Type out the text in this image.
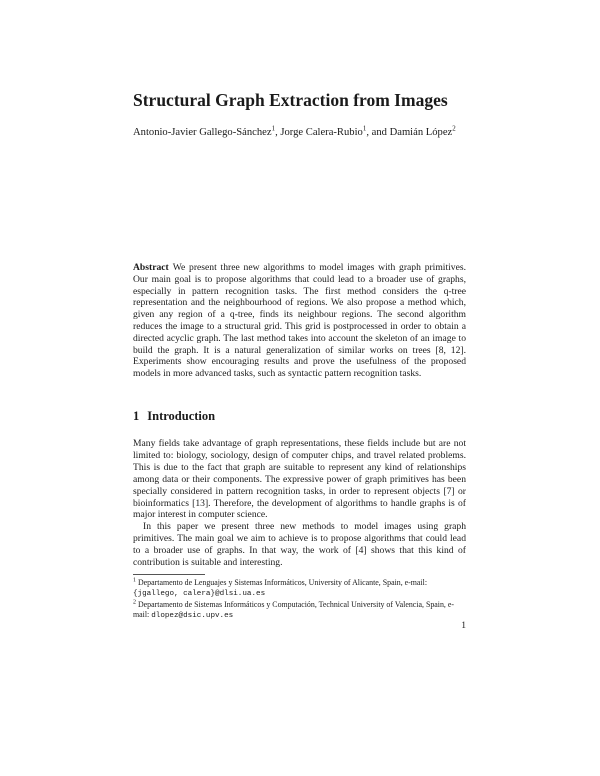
Structural Graph Extraction from Images
Antonio-Javier Gallego-Sánchez$^1$, Jorge Calera-Rubio$^1$, and Damián López$^2$

Abstract We present three new algorithms to model images with graph primitives. Our main goal is to propose algorithms that could lead to a broader use of graphs, especially in pattern recognition tasks. The first method considers the q-tree representation and the neighbourhood of regions. We also propose a method which, given any region of a q-tree, finds its neighbour regions. The second algorithm reduces the image to a structural grid. This grid is postprocessed in order to obtain a directed acyclic graph. The last method takes into account the skeleton of an image to build the graph. It is a natural generalization of similar works on trees [8, 12]. Experiments show encouraging results and prove the usefulness of the proposed models in more advanced tasks, such as syntactic pattern recognition tasks.

1 Introduction

Many fields take advantage of graph representations, these fields include but are not limited to: biology, sociology, design of computer chips, and travel related problems. This is due to the fact that graph are suitable to represent any kind of relationships among data or their components. The expressive power of graph primitives has been specially considered in pattern recognition tasks, in order to represent objects [7] or bioinformatics [13]. Therefore, the development of algorithms to handle graphs is of major interest in computer science.

In this paper we present three new methods to model images using graph primitives. The main goal we aim to achieve is to propose algorithms that could lead to a broader use of graphs. In that way, the work of [4] shows that this kind of contribution is suitable and interesting.

$^1$ Departamento de Lenguajes y Sistemas Informáticos, University of Alicante, Spain, e-mail: {jgallego, calera}@dlsi.ua.es

$^2$ Departamento de Sistemas Informáticos y Computación, Technical University of Valencia, Spain, e-mail: dlopez@dsic.upv.es

1
